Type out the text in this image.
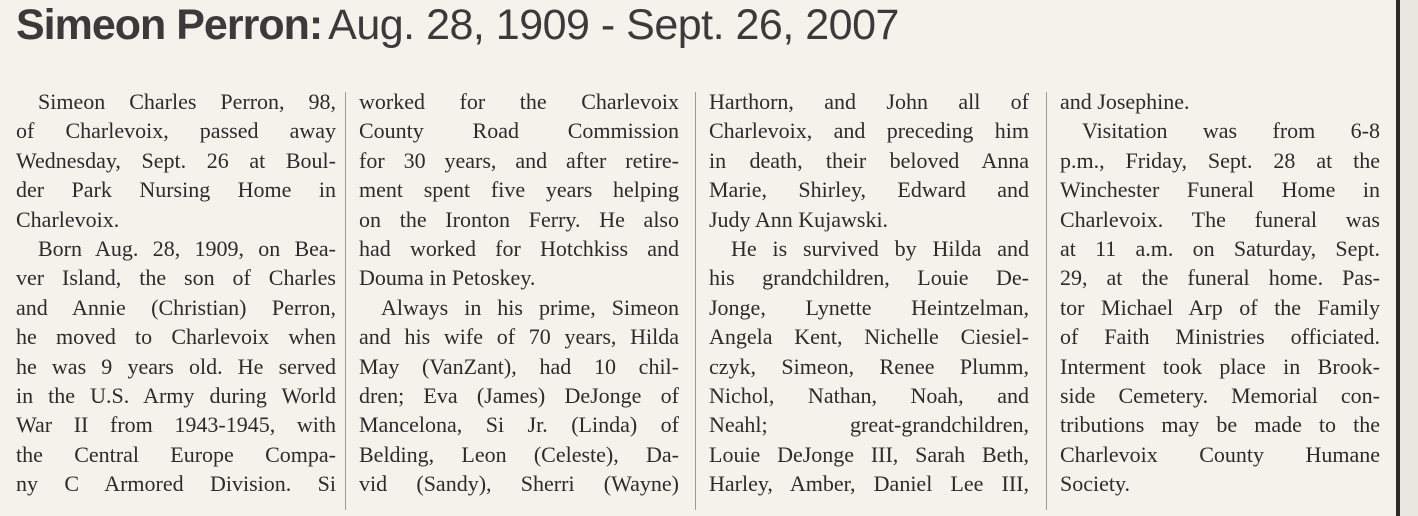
Simeon Perron: Aug. 28, 1909 - Sept. 26, 2007
Simeon Charles Perron, 98,
of Charlevoix, passed away
Wednesday, Sept. 26 at Boul-
der Park Nursing Home in
Charlevoix.
Born Aug. 28, 1909, on Bea-
ver Island, the son of Charles
and Annie (Christian) Perron,
he moved to Charlevoix when
he was 9 years old. He served
in the U.S. Army during World
War II from 1943-1945, with
the Central Europe Compa-
ny C Armored Division. Si
worked for the Charlevoix
County Road Commission
for 30 years, and after retire-
ment spent five years helping
on the Ironton Ferry. He also
had worked for Hotchkiss and
Douma in Petoskey.
Always in his prime, Simeon
and his wife of 70 years, Hilda
May (VanZant), had 10 chil-
dren; Eva (James) DeJonge of
Mancelona, Si Jr. (Linda) of
Belding, Leon (Celeste), Da-
vid (Sandy), Sherri (Wayne)
Harthorn, and John all of
Charlevoix, and preceding him
in death, their beloved Anna
Marie, Shirley, Edward and
Judy Ann Kujawski.
He is survived by Hilda and
his grandchildren, Louie De-
Jonge, Lynette Heintzelman,
Angela Kent, Nichelle Ciesiel-
czyk, Simeon, Renee Plumm,
Nichol, Nathan, Noah, and
Neahl; great-grandchildren,
Louie DeJonge III, Sarah Beth,
Harley, Amber, Daniel Lee III,
and Josephine.
Visitation was from 6-8
p.m., Friday, Sept. 28 at the
Winchester Funeral Home in
Charlevoix. The funeral was
at 11 a.m. on Saturday, Sept.
29, at the funeral home. Pas-
tor Michael Arp of the Family
of Faith Ministries officiated.
Interment took place in Brook-
side Cemetery. Memorial con-
tributions may be made to the
Charlevoix County Humane
Society.
